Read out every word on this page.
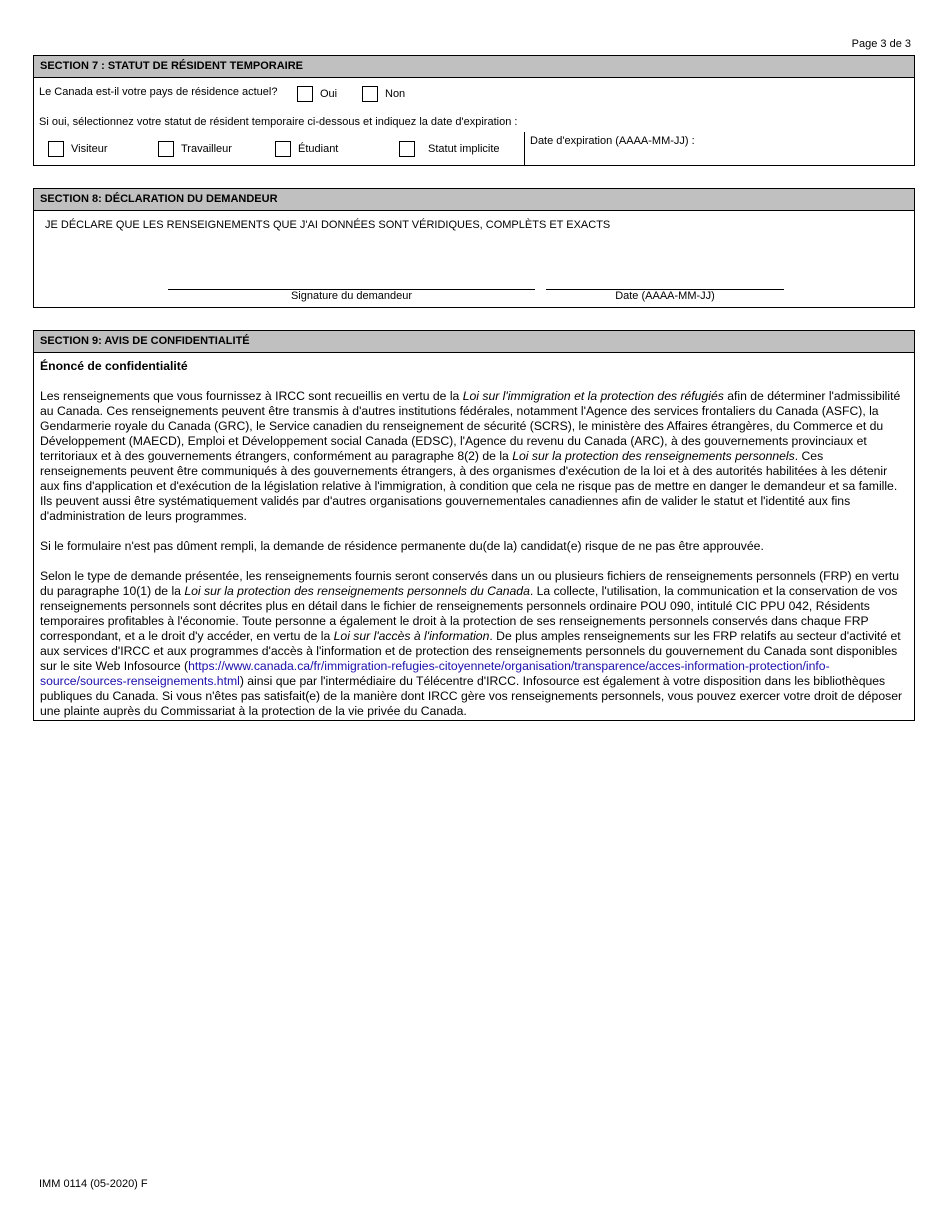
Page 3 de 3
SECTION 7 : STATUT DE RÉSIDENT TEMPORAIRE
Le Canada est-il votre pays de résidence actuel?	Oui	Non
Si oui, sélectionnez votre statut de résident temporaire ci-dessous et indiquez la date d'expiration :
Visiteur	Travailleur	Étudiant	Statut implicite
Date d'expiration (AAAA-MM-JJ) :
SECTION 8: DÉCLARATION DU DEMANDEUR
JE DÉCLARE QUE LES RENSEIGNEMENTS QUE J'AI DONNÉES SONT VÉRIDIQUES, COMPLÈTS ET EXACTS
Signature du demandeur	Date (AAAA-MM-JJ)
SECTION 9: AVIS DE CONFIDENTIALITÉ
Énoncé de confidentialité

Les renseignements que vous fournissez à IRCC sont recueillis en vertu de la Loi sur l'immigration et la protection des réfugiés afin de déterminer l'admissibilité au Canada. Ces renseignements peuvent être transmis à d'autres institutions fédérales, notamment l'Agence des services frontaliers du Canada (ASFC), la Gendarmerie royale du Canada (GRC), le Service canadien du renseignement de sécurité (SCRS), le ministère des Affaires étrangères, du Commerce et du Développement (MAECD), Emploi et Développement social Canada (EDSC), l'Agence du revenu du Canada (ARC), à des gouvernements provinciaux et territoriaux et à des gouvernements étrangers, conformément au paragraphe 8(2) de la Loi sur la protection des renseignements personnels. Ces renseignements peuvent être communiqués à des gouvernements étrangers, à des organismes d'exécution de la loi et à des autorités habilitées à les détenir aux fins d'application et d'exécution de la législation relative à l'immigration, à condition que cela ne risque pas de mettre en danger le demandeur et sa famille. Ils peuvent aussi être systématiquement validés par d'autres organisations gouvernementales canadiennes afin de valider le statut et l'identité aux fins d'administration de leurs programmes.

Si le formulaire n'est pas dûment rempli, la demande de résidence permanente du(de la) candidat(e) risque de ne pas être approuvée.

Selon le type de demande présentée, les renseignements fournis seront conservés dans un ou plusieurs fichiers de renseignements personnels (FRP) en vertu du paragraphe 10(1) de la Loi sur la protection des renseignements personnels du Canada. La collecte, l'utilisation, la communication et la conservation de vos renseignements personnels sont décrites plus en détail dans le fichier de renseignements personnels ordinaire POU 090, intitulé CIC PPU 042, Résidents temporaires profitables à l'économie. Toute personne a également le droit à la protection de ses renseignements personnels conservés dans chaque FRP correspondant, et a le droit d'y accéder, en vertu de la Loi sur l'accès à l'information. De plus amples renseignements sur les FRP relatifs au secteur d'activité et aux services d'IRCC et aux programmes d'accès à l'information et de protection des renseignements personnels du gouvernement du Canada sont disponibles sur le site Web Infosource (https://www.canada.ca/fr/immigration-refugies-citoyennete/organisation/transparence/acces-information-protection/info-source/sources-renseignements.html) ainsi que par l'intermédiaire du Télécentre d'IRCC. Infosource est également à votre disposition dans les bibliothèques publiques du Canada. Si vous n'êtes pas satisfait(e) de la manière dont IRCC gère vos renseignements personnels, vous pouvez exercer votre droit de déposer une plainte auprès du Commissariat à la protection de la vie privée du Canada.

IMM 0114 (05-2020) F
